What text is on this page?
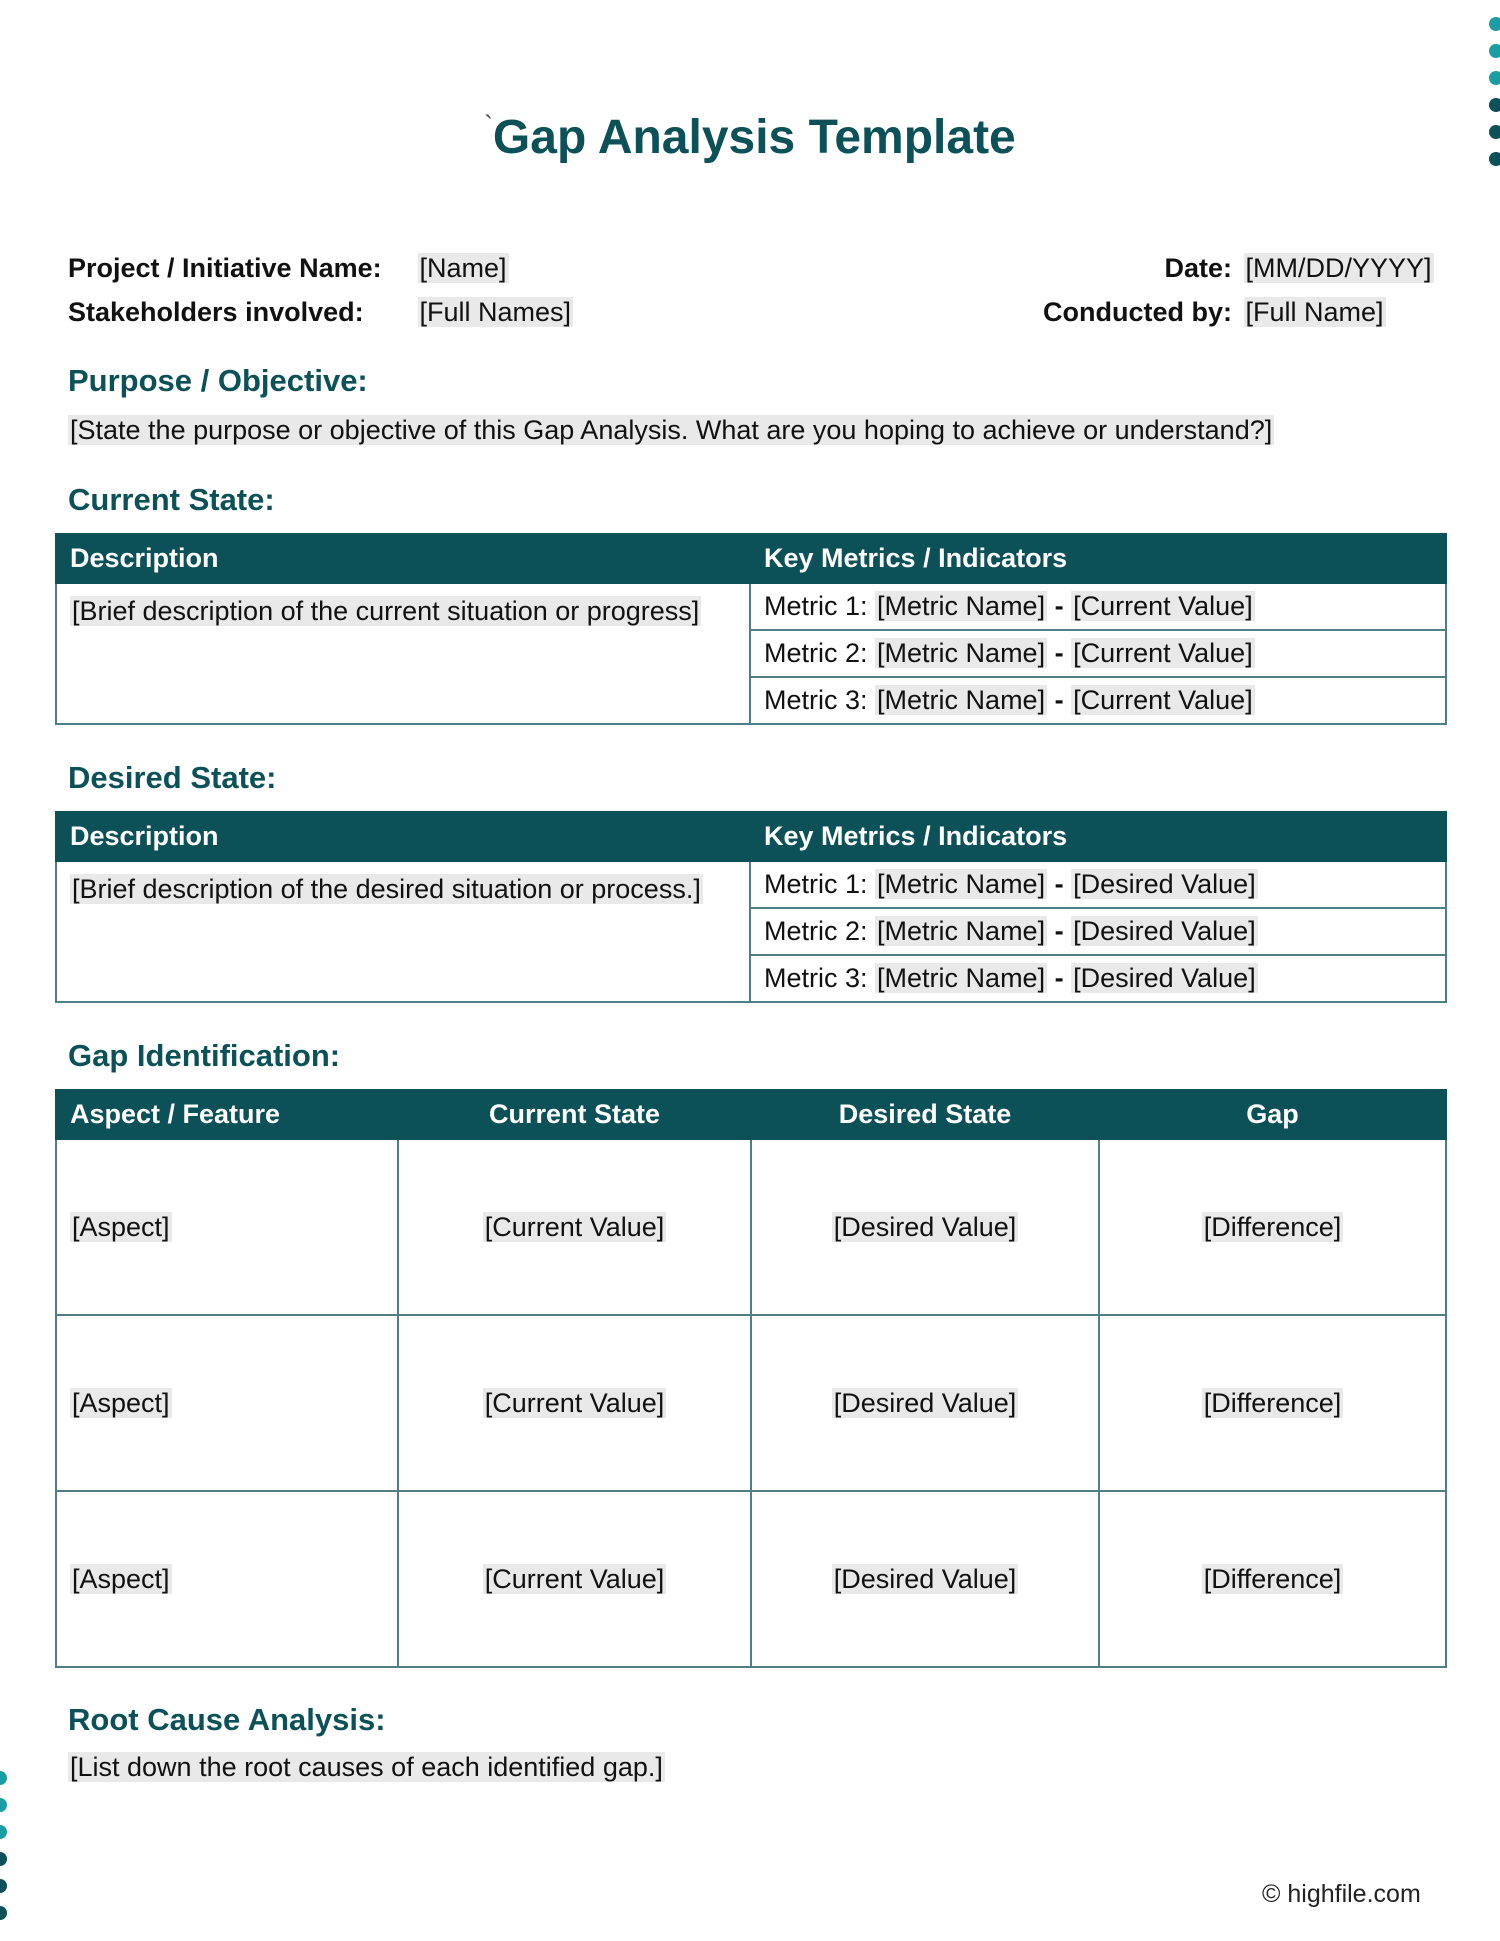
`Gap Analysis Template
Project / Initiative Name: [Name]
Stakeholders involved: [Full Names]
Date: [MM/DD/YYYY]
Conducted by: [Full Name]
Purpose / Objective:
[State the purpose or objective of this Gap Analysis. What are you hoping to achieve or understand?]
Current State:
Description	Key Metrics / Indicators
[Brief description of the current situation or progress]	Metric 1: [Metric Name] - [Current Value]
	Metric 2: [Metric Name] - [Current Value]
	Metric 3: [Metric Name] - [Current Value]
Desired State:
Description	Key Metrics / Indicators
[Brief description of the desired situation or process.]	Metric 1: [Metric Name] - [Desired Value]
	Metric 2: [Metric Name] - [Desired Value]
	Metric 3: [Metric Name] - [Desired Value]
Gap Identification:
Aspect / Feature	Current State	Desired State	Gap
[Aspect]	[Current Value]	[Desired Value]	[Difference]
[Aspect]	[Current Value]	[Desired Value]	[Difference]
[Aspect]	[Current Value]	[Desired Value]	[Difference]
Root Cause Analysis:
[List down the root causes of each identified gap.]
© highfile.com
